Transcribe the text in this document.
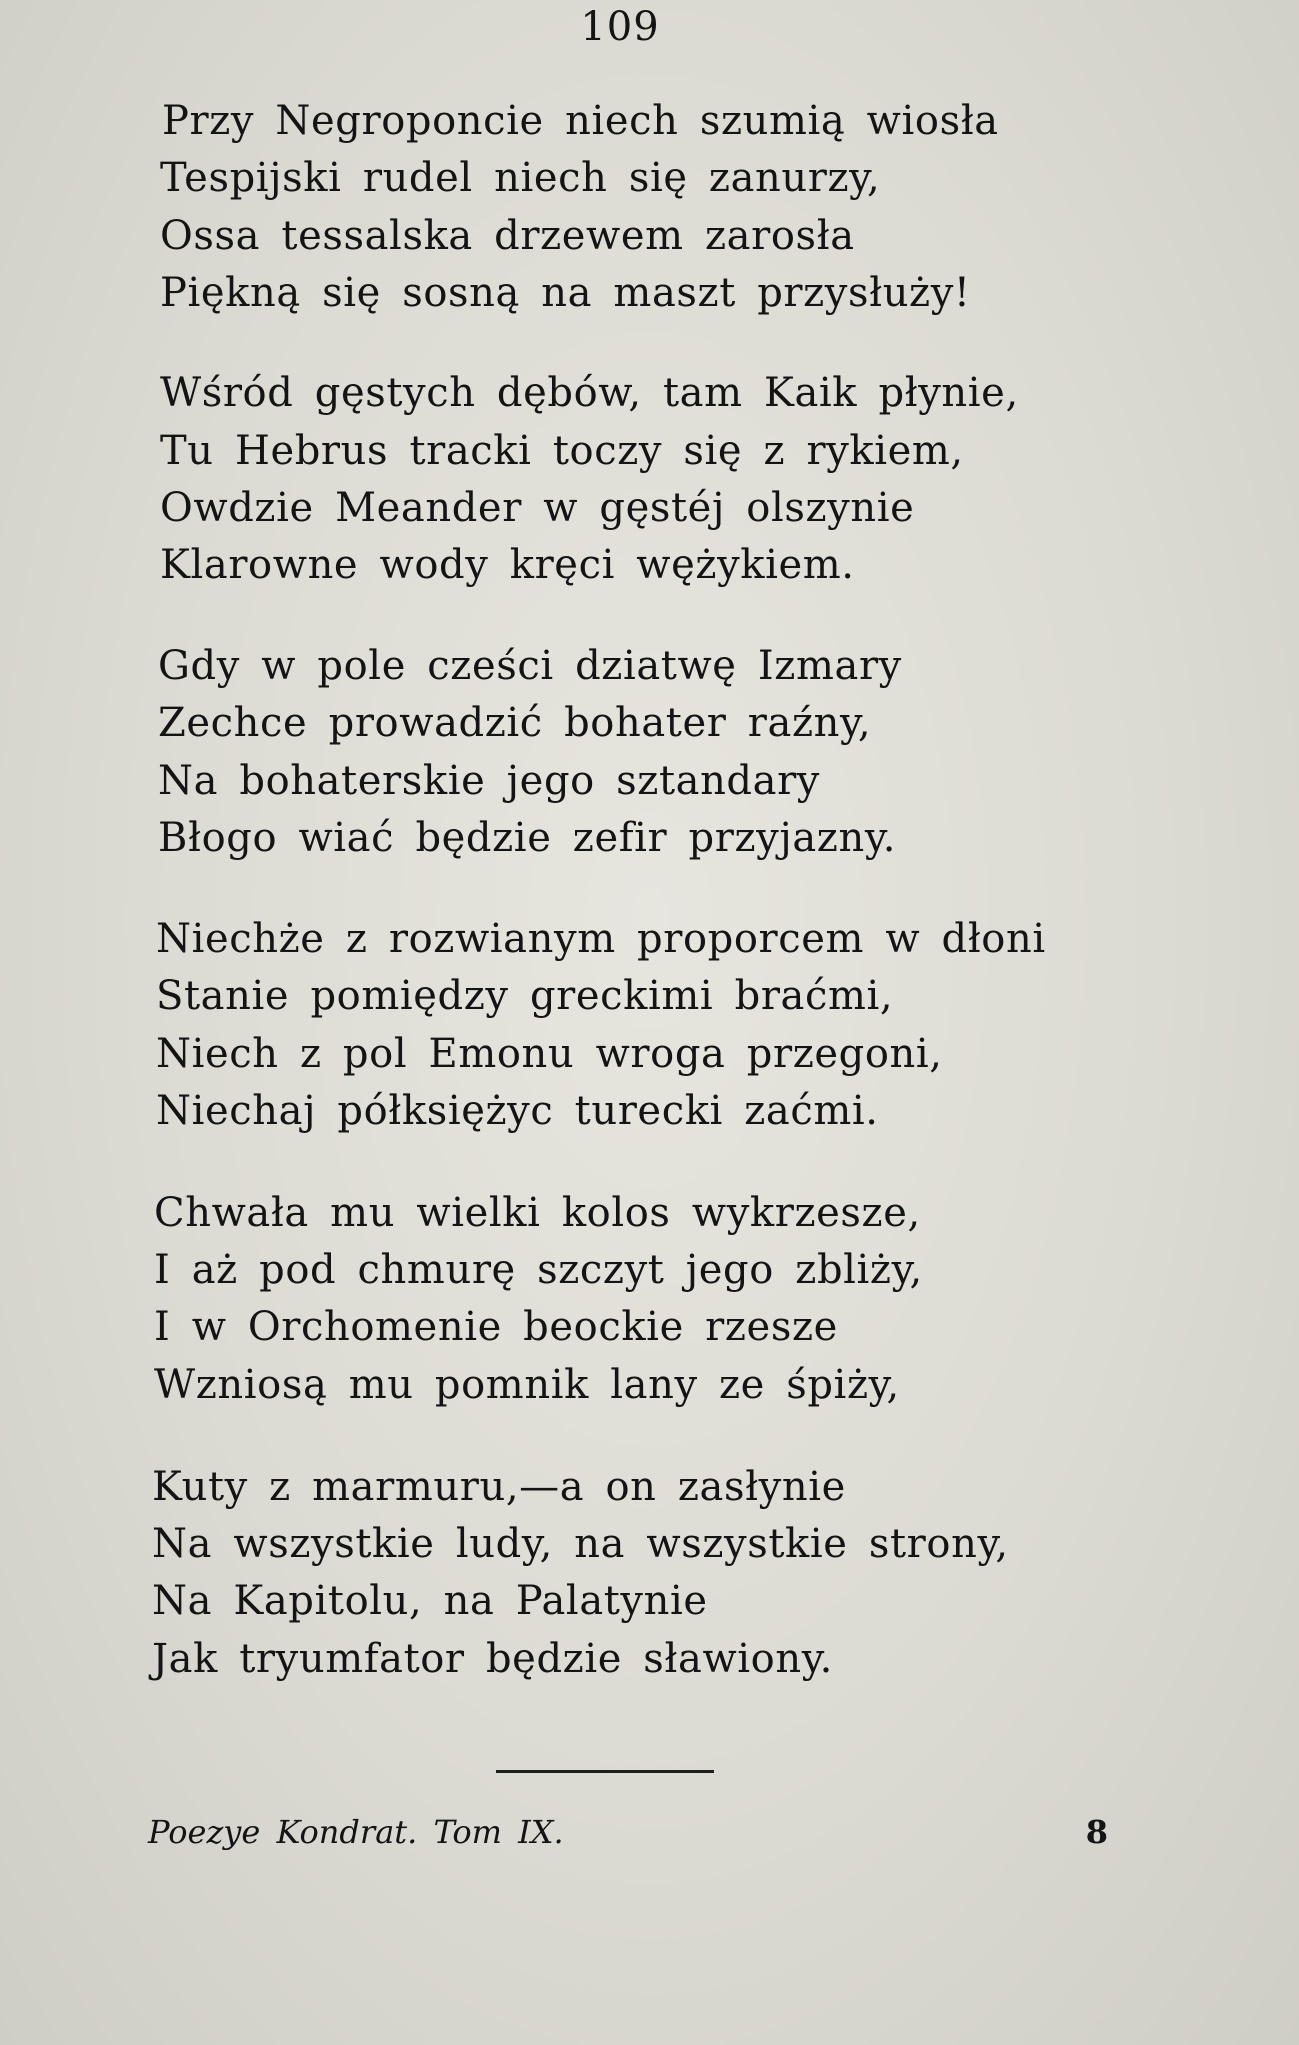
109
Przy Negroponcie niech szumią wiosła
Tespijski rudel niech się zanurzy,
Ossa tessalska drzewem zarosła
Piękną się sosną na maszt przysłuży!
Wśród gęstych dębów, tam Kaik płynie,
Tu Hebrus tracki toczy się z rykiem,
Owdzie Meander w gęstéj olszynie
Klarowne wody kręci wężykiem.
Gdy w pole cześci dziatwę Izmary
Zechce prowadzić bohater raźny,
Na bohaterskie jego sztandary
Błogo wiać będzie zefir przyjazny.
Niechże z rozwianym proporcem w dłoni
Stanie pomiędzy greckimi braćmi,
Niech z pol Emonu wroga przegoni,
Niechaj półksiężyc turecki zaćmi.
Chwała mu wielki kolos wykrzesze,
I aż pod chmurę szczyt jego zbliży,
I w Orchomenie beockie rzesze
Wzniosą mu pomnik lany ze śpiży,
Kuty z marmuru,—a on zasłynie
Na wszystkie ludy, na wszystkie strony,
Na Kapitolu, na Palatynie
Jak tryumfator będzie sławiony.
Poezye Kondrat. Tom IX.	8
